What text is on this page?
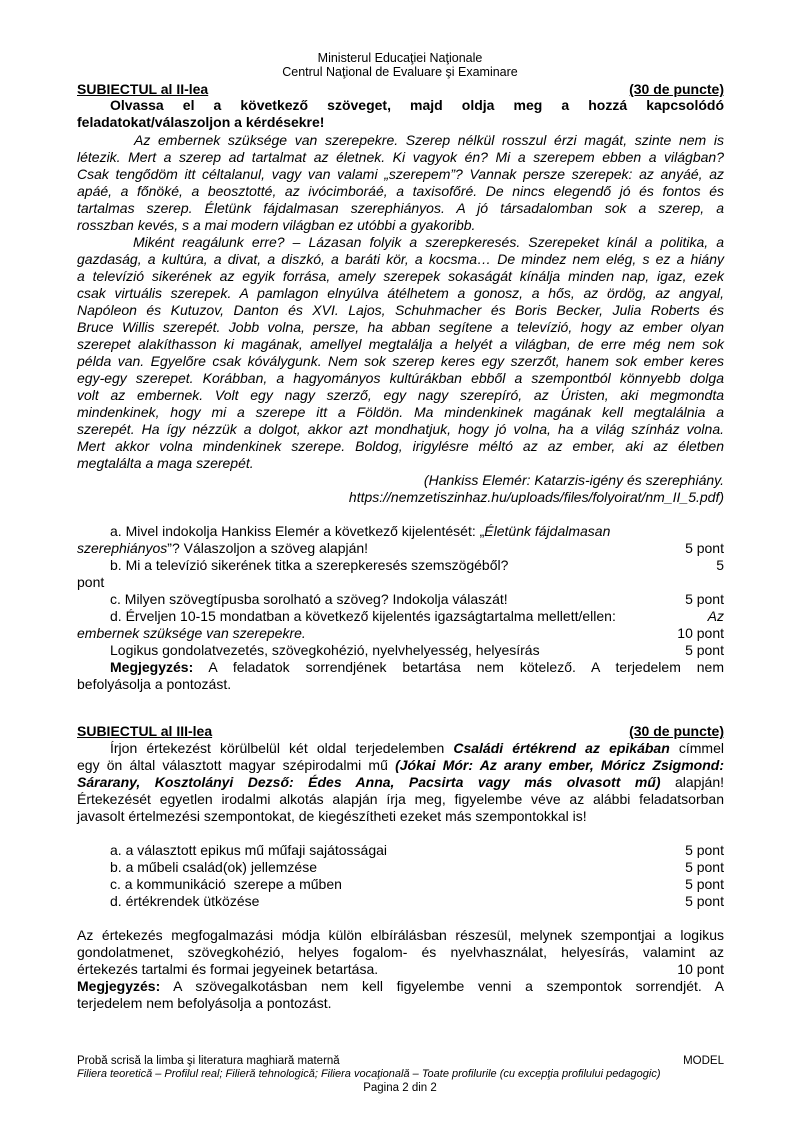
Ministerul Educaţiei Naţionale
Centrul Naţional de Evaluare şi Examinare
SUBIECTUL al II-lea	(30 de puncte)
Olvassa el a következő szöveget, majd oldja meg a hozzá kapcsolódó
feladatokat/válaszoljon a kérdésekre!
Az embernek szüksége van szerepekre. Szerep nélkül rosszul érzi magát, szinte nem is
létezik. Mert a szerep ad tartalmat az életnek. Ki vagyok én? Mi a szerepem ebben a világban?
Csak tengődöm itt céltalanul, vagy van valami „szerepem”? Vannak persze szerepek: az anyáé, az
apáé, a főnöké, a beosztotté, az ivócimboráé, a taxisofőré. De nincs elegendő jó és fontos és
tartalmas szerep. Életünk fájdalmasan szerephiányos. A jó társadalomban sok a szerep, a
rosszban kevés, s a mai modern világban ez utóbbi a gyakoribb.
Miként reagálunk erre? – Lázasan folyik a szerepkeresés. Szerepeket kínál a politika, a
gazdaság, a kultúra, a divat, a diszkó, a baráti kör, a kocsma… De mindez nem elég, s ez a hiány
a televízió sikerének az egyik forrása, amely szerepek sokaságát kínálja minden nap, igaz, ezek
csak virtuális szerepek. A pamlagon elnyúlva átélhetem a gonosz, a hős, az ördög, az angyal,
Napóleon és Kutuzov, Danton és XVI. Lajos, Schuhmacher és Boris Becker, Julia Roberts és
Bruce Willis szerepét. Jobb volna, persze, ha abban segítene a televízió, hogy az ember olyan
szerepet alakíthasson ki magának, amellyel megtalálja a helyét a világban, de erre még nem sok
példa van. Egyelőre csak kóválygunk. Nem sok szerep keres egy szerzőt, hanem sok ember keres
egy-egy szerepet. Korábban, a hagyományos kultúrákban ebből a szempontból könnyebb dolga
volt az embernek. Volt egy nagy szerző, egy nagy szerepíró, az Úristen, aki megmondta
mindenkinek, hogy mi a szerepe itt a Földön. Ma mindenkinek magának kell megtalálnia a
szerepét. Ha így nézzük a dolgot, akkor azt mondhatjuk, hogy jó volna, ha a világ színház volna.
Mert akkor volna mindenkinek szerepe. Boldog, irigylésre méltó az az ember, aki az életben
megtalálta a maga szerepét.
(Hankiss Elemér: Katarzis-igény és szerephiány.
https://nemzetiszinhaz.hu/uploads/files/folyoirat/nm_II_5.pdf)
a. Mivel indokolja Hankiss Elemér a következő kijelentését: „Életünk fájdalmasan
szerephiányos”? Válaszoljon a szöveg alapján!	5 pont
b. Mi a televízió sikerének titka a szerepkeresés szemszögéből?	5
pont
c. Milyen szövegtípusba sorolható a szöveg? Indokolja válaszát!	5 pont
d. Érveljen 10-15 mondatban a következő kijelentés igazságtartalma mellett/ellen:	Az
embernek szüksége van szerepekre.	10 pont
Logikus gondolatvezetés, szövegkohézió, nyelvhelyesség, helyesírás	5 pont
Megjegyzés: A feladatok sorrendjének betartása nem kötelező. A terjedelem nem
befolyásolja a pontozást.
SUBIECTUL al III-lea	(30 de puncte)
Írjon értekezést körülbelül két oldal terjedelemben Családi értékrend az epikában címmel
egy ön által választott magyar szépirodalmi mű (Jókai Mór: Az arany ember, Móricz Zsigmond:
Sárarany, Kosztolányi Dezső: Édes Anna, Pacsirta vagy más olvasott mű) alapján!
Értekezését egyetlen irodalmi alkotás alapján írja meg, figyelembe véve az alábbi feladatsorban
javasolt értelmezési szempontokat, de kiegészítheti ezeket más szempontokkal is!
a. a választott epikus mű műfaji sajátosságai	5 pont
b. a műbeli család(ok) jellemzése	5 pont
c. a kommunikáció  szerepe a műben	5 pont
d. értékrendek ütközése	5 pont
Az értekezés megfogalmazási módja külön elbírálásban részesül, melynek szempontjai a logikus
gondolatmenet, szövegkohézió, helyes fogalom- és nyelvhasználat, helyesírás, valamint az
értekezés tartalmi és formai jegyeinek betartása.	10 pont
Megjegyzés: A szövegalkotásban nem kell figyelembe venni a szempontok sorrendjét. A
terjedelem nem befolyásolja a pontozást.
Probă scrisă la limba şi literatura maghiară maternă	MODEL
Filiera teoretică – Profilul real; Filieră tehnologică; Filiera vocaţională – Toate profilurile (cu excepţia profilului pedagogic)
Pagina 2 din 2
